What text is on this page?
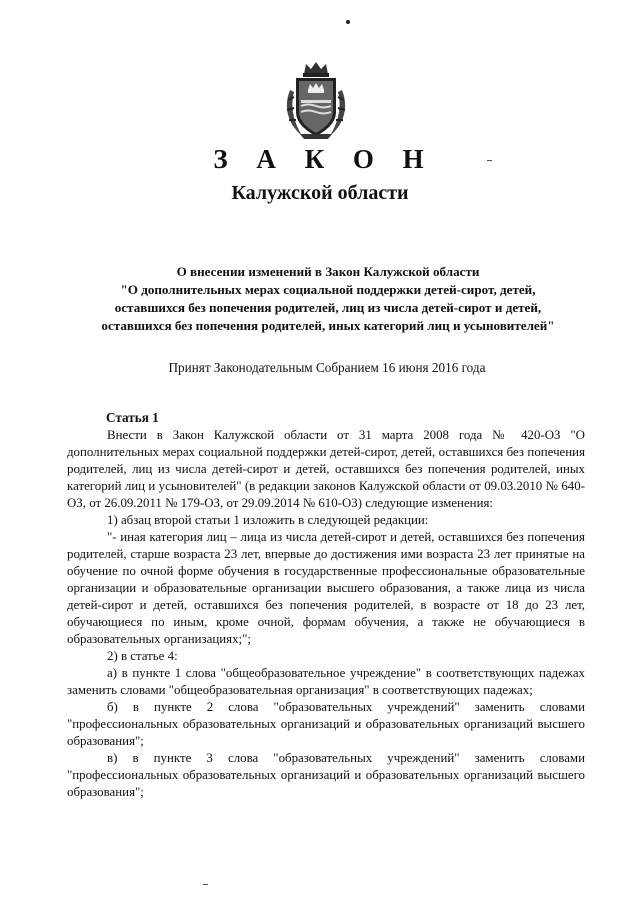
З А К О Н
Калужской области
О внесении изменений в Закон Калужской области
"О дополнительных мерах социальной поддержки детей-сирот, детей,
оставшихся без попечения родителей, лиц из числа детей-сирот и детей,
оставшихся без попечения родителей, иных категорий лиц и усыновителей"
Принят Законодательным Собранием 16 июня 2016 года
Статья 1

Внести в Закон Калужской области от 31 марта 2008 года № 420-ОЗ "О дополнительных мерах социальной поддержки детей-сирот, детей, оставшихся без попечения родителей, лиц из числа детей-сирот и детей, оставшихся без попечения родителей, иных категорий лиц и усыновителей" (в редакции законов Калужской области от 09.03.2010 № 640-ОЗ, от 26.09.2011 № 179-ОЗ, от 29.09.2014 № 610-ОЗ) следующие изменения:

1) абзац второй статьи 1 изложить в следующей редакции:

"- иная категория лиц – лица из числа детей-сирот и детей, оставшихся без попечения родителей, старше возраста 23 лет, впервые до достижения ими возраста 23 лет принятые на обучение по очной форме обучения в государственные профессиональные образовательные организации и образовательные организации высшего образования, а также лица из числа детей-сирот и детей, оставшихся без попечения родителей, в возрасте от 18 до 23 лет, обучающиеся по иным, кроме очной, формам обучения, а также не обучающиеся в образовательных организациях;";

2) в статье 4:

а) в пункте 1 слова "общеобразовательное учреждение" в соответствующих падежах заменить словами "общеобразовательная организация" в соответствующих падежах;

б) в пункте 2 слова "образовательных учреждений" заменить словами "профессиональных образовательных организаций и образовательных организаций высшего образования";

в) в пункте 3 слова "образовательных учреждений" заменить словами "профессиональных образовательных организаций и образовательных организаций высшего образования";
